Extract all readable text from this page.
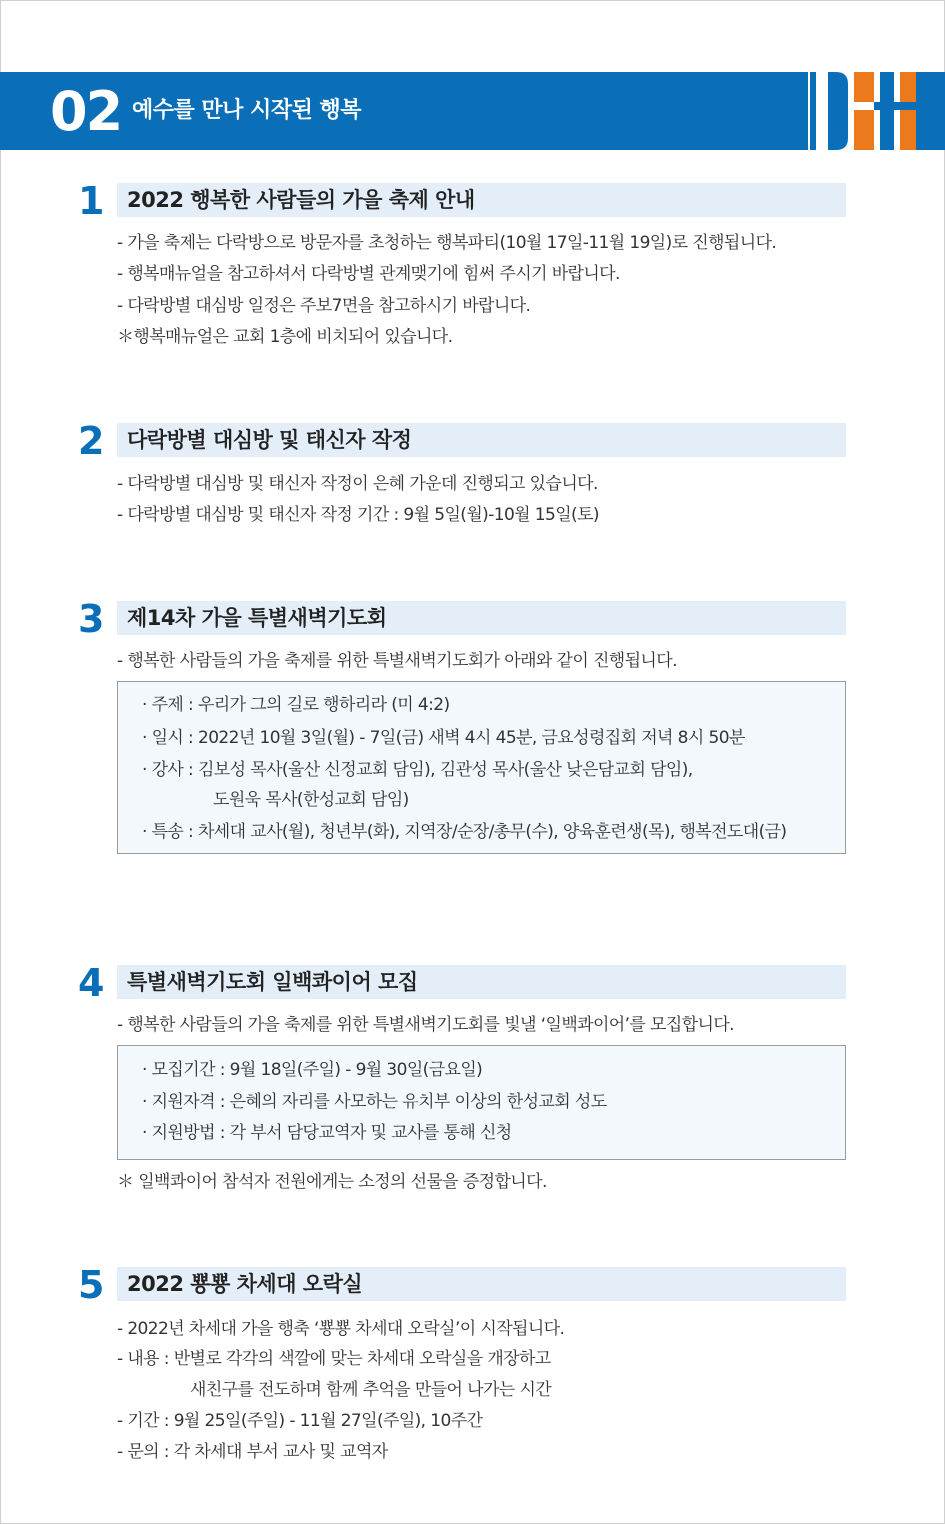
02 예수를 만나 시작된 행복
1 2022 행복한 사람들의 가을 축제 안내
- 가을 축제는 다락방으로 방문자를 초청하는 행복파티(10월 17일-11월 19일)로 진행됩니다.
- 행복매뉴얼을 참고하셔서 다락방별 관계맺기에 힘써 주시기 바랍니다.
- 다락방별 대심방 일정은 주보7면을 참고하시기 바랍니다.
＊행복매뉴얼은 교회 1층에 비치되어 있습니다.
2 다락방별 대심방 및 태신자 작정
- 다락방별 대심방 및 태신자 작정이 은혜 가운데 진행되고 있습니다.
- 다락방별 대심방 및 태신자 작정 기간 : 9월 5일(월)-10월 15일(토)
3 제14차 가을 특별새벽기도회
- 행복한 사람들의 가을 축제를 위한 특별새벽기도회가 아래와 같이 진행됩니다.
· 주제 : 우리가 그의 길로 행하리라 (미 4:2)
· 일시 : 2022년 10월 3일(월) - 7일(금) 새벽 4시 45분, 금요성령집회 저녁 8시 50분
· 강사 : 김보성 목사(울산 신정교회 담임), 김관성 목사(울산 낮은담교회 담임),
도원욱 목사(한성교회 담임)
· 특송 : 차세대 교사(월), 청년부(화), 지역장/순장/총무(수), 양육훈련생(목), 행복전도대(금)
4 특별새벽기도회 일백콰이어 모집
- 행복한 사람들의 가을 축제를 위한 특별새벽기도회를 빛낼 ‘일백콰이어’를 모집합니다.
· 모집기간 : 9월 18일(주일) - 9월 30일(금요일)
· 지원자격 : 은혜의 자리를 사모하는 유치부 이상의 한성교회 성도
· 지원방법 : 각 부서 담당교역자 및 교사를 통해 신청
＊ 일백콰이어 참석자 전원에게는 소정의 선물을 증정합니다.
5 2022 뿅뿅 차세대 오락실
- 2022년 차세대 가을 행축 ‘뿅뿅 차세대 오락실’이 시작됩니다.
- 내용 : 반별로 각각의 색깔에 맞는 차세대 오락실을 개장하고
새친구를 전도하며 함께 추억을 만들어 나가는 시간
- 기간 : 9월 25일(주일) - 11월 27일(주일), 10주간
- 문의 : 각 차세대 부서 교사 및 교역자
